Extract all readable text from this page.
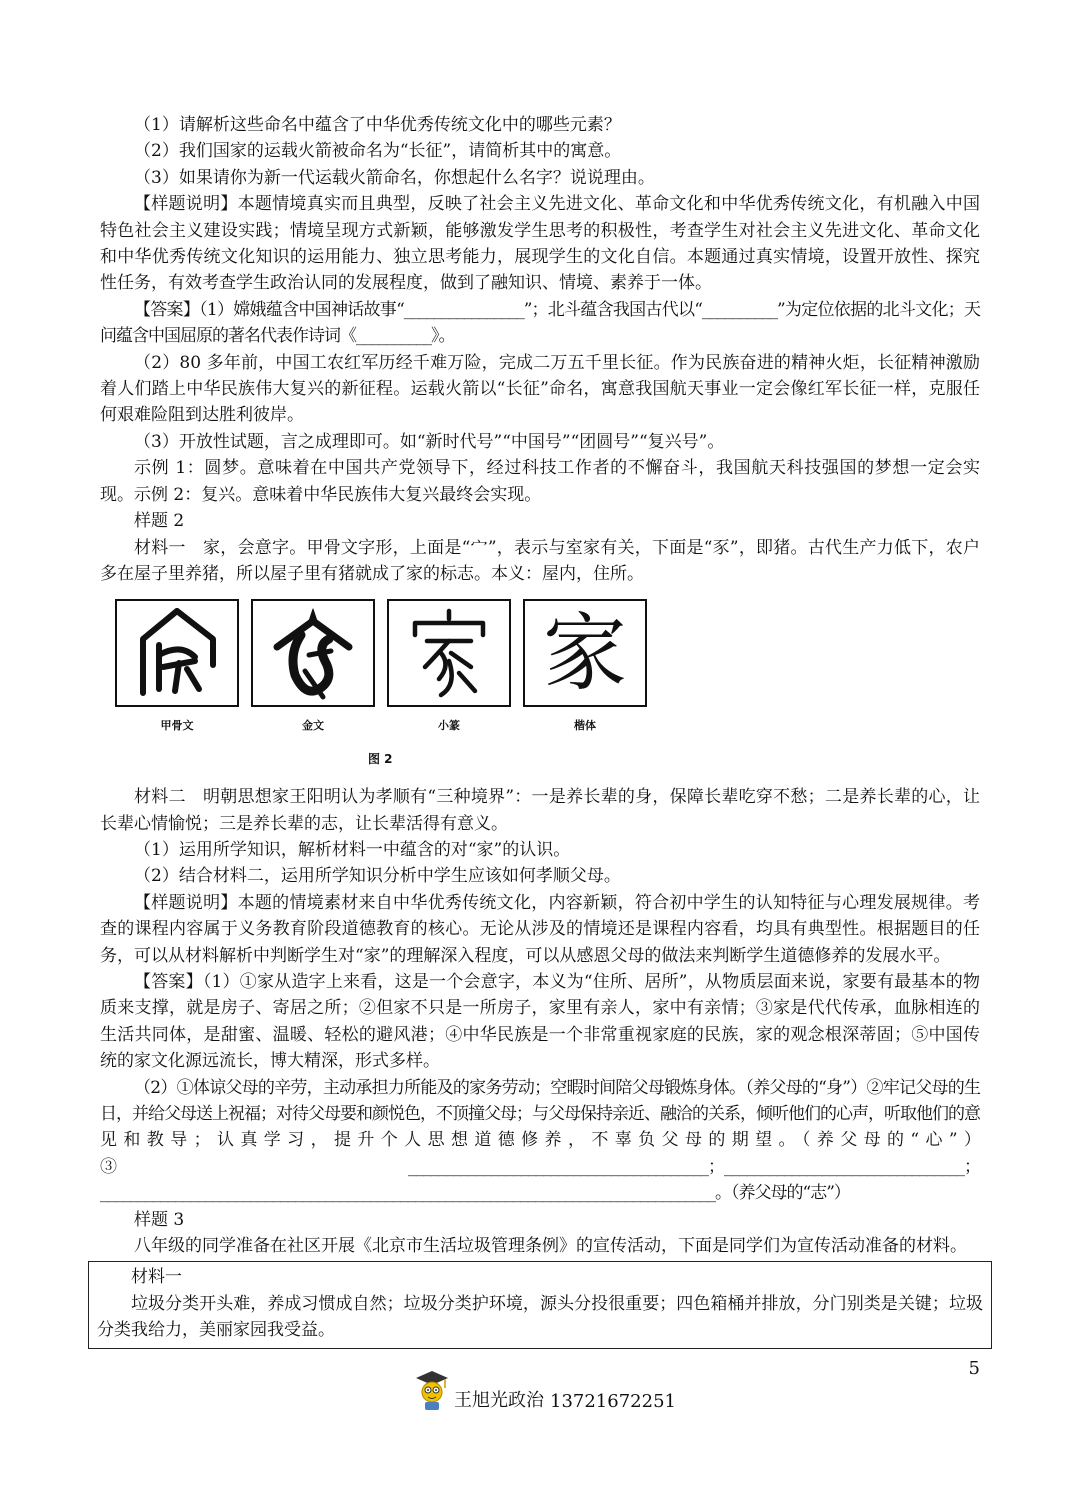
（1）请解析这些命名中蕴含了中华优秀传统文化中的哪些元素？

（2）我们国家的运载火箭被命名为“长征”，请简析其中的寓意。

（3）如果请你为新一代运载火箭命名，你想起什么名字？说说理由。

【样题说明】本题情境真实而且典型，反映了社会主义先进文化、革命文化和中华优秀传统文化，有机融入中国特色社会主义建设实践；情境呈现方式新颖，能够激发学生思考的积极性，考查学生对社会主义先进文化、革命文化和中华优秀传统文化知识的运用能力、独立思考能力，展现学生的文化自信。本题通过真实情境，设置开放性、探究性任务，有效考查学生政治认同的发展程度，做到了融知识、情境、素养于一体。

【答案】（1）嫦娥蕴含中国神话故事“________________”；北斗蕴含我国古代以“__________”为定位依据的北斗文化；天问蕴含中国屈原的著名代表作诗词《__________》。

（2）80 多年前，中国工农红军历经千难万险，完成二万五千里长征。作为民族奋进的精神火炬，长征精神激励着人们踏上中华民族伟大复兴的新征程。运载火箭以“长征”命名，寓意我国航天事业一定会像红军长征一样，克服任何艰难险阻到达胜利彼岸。

（3）开放性试题，言之成理即可。如“新时代号”“中国号”“团圆号”“复兴号”。

示例 1：圆梦。意味着在中国共产党领导下，经过科技工作者的不懈奋斗，我国航天科技强国的梦想一定会实现。示例 2：复兴。意味着中华民族伟大复兴最终会实现。

样题 2

材料一　家，会意字。甲骨文字形，上面是“宀”，表示与室家有关，下面是“豕”，即猪。古代生产力低下，农户多在屋子里养猪，所以屋子里有猪就成了家的标志。本义：屋内，住所。

甲骨文	金文	小篆
家
楷体
图 2

材料二　明朝思想家王阳明认为孝顺有“三种境界”：一是养长辈的身，保障长辈吃穿不愁；二是养长辈的心，让长辈心情愉悦；三是养长辈的志，让长辈活得有意义。

（1）运用所学知识，解析材料一中蕴含的对“家”的认识。

（2）结合材料二，运用所学知识分析中学生应该如何孝顺父母。

【样题说明】本题的情境素材来自中华优秀传统文化，内容新颖，符合初中学生的认知特征与心理发展规律。考查的课程内容属于义务教育阶段道德教育的核心。无论从涉及的情境还是课程内容看，均具有典型性。根据题目的任务，可以从材料解析中判断学生对“家”的理解深入程度，可以从感恩父母的做法来判断学生道德修养的发展水平。

【答案】（1）①家从造字上来看，这是一个会意字，本义为“住所、居所”，从物质层面来说，家要有最基本的物质来支撑，就是房子、寄居之所；②但家不只是一所房子，家里有亲人，家中有亲情；③家是代代传承，血脉相连的生活共同体，是甜蜜、温暖、轻松的避风港；④中华民族是一个非常重视家庭的民族，家的观念根深蒂固；⑤中国传统的家文化源远流长，博大精深，形式多样。

（2）①体谅父母的辛劳，主动承担力所能及的家务劳动；空暇时间陪父母锻炼身体。（养父母的“身”）②牢记父母的生日，并给父母送上祝福；对待父母要和颜悦色，不顶撞父母；与父母保持亲近、融洽的关系，倾听他们的心声，听取他们的意见和教导；认真学习，提升个人思想道德修养，不辜负父母的期望。（养父母的“心”）③________________________________________；________________________________；__________________________________________________________________________________。（养父母的“志”）

样题 3

八年级的同学准备在社区开展《北京市生活垃圾管理条例》的宣传活动，下面是同学们为宣传活动准备的材料。

材料一

垃圾分类开头难，养成习惯成自然；垃圾分类护环境，源头分投很重要；四色箱桶并排放，分门别类是关键；垃圾分类我给力，美丽家园我受益。

5
王旭光政治 13721672251
